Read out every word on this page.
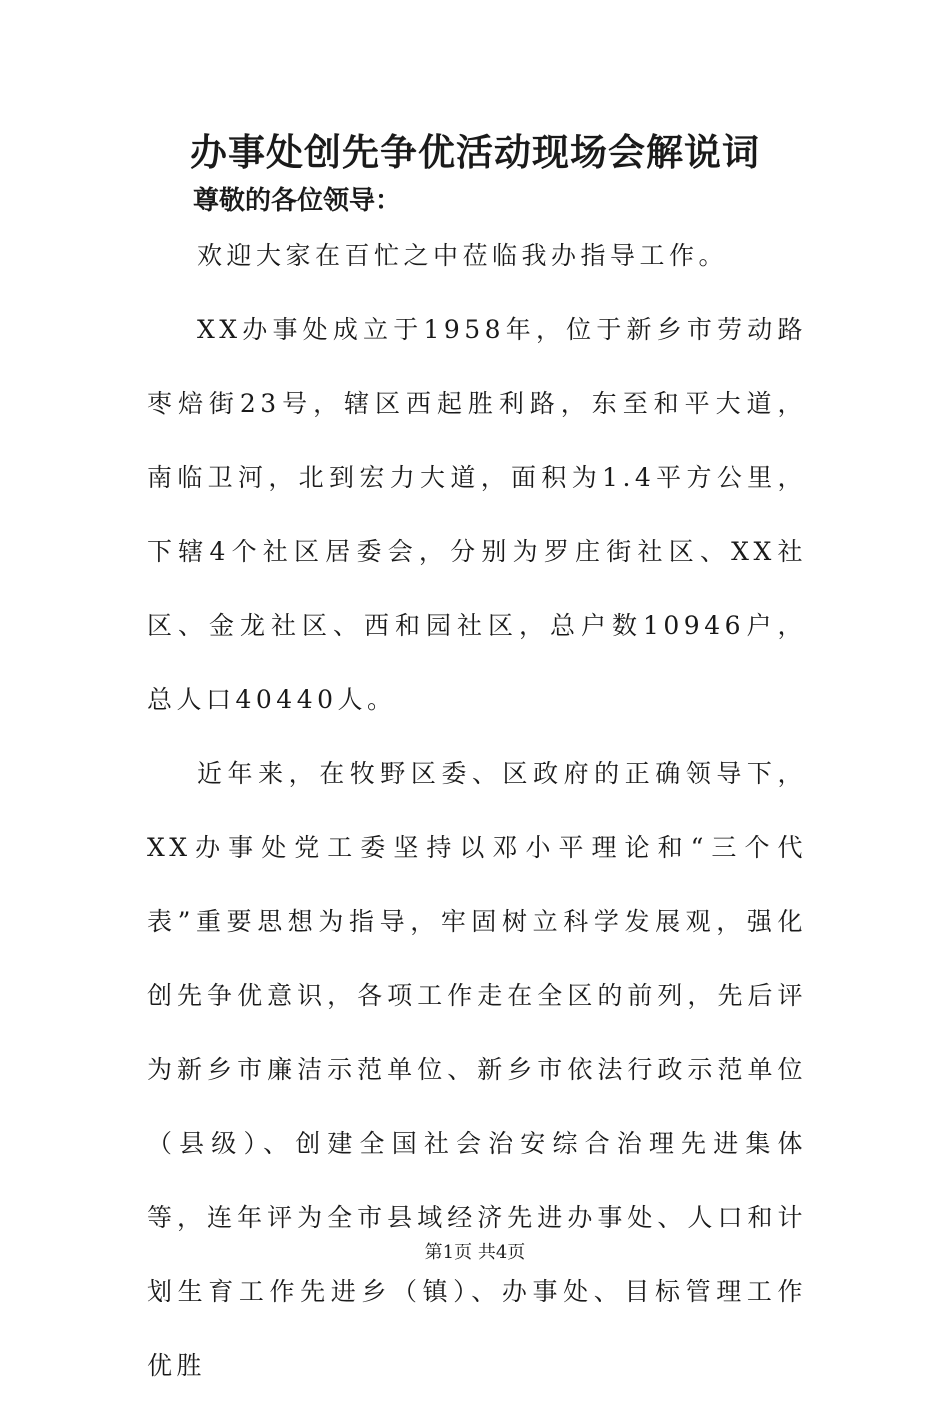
办事处创先争优活动现场会解说词
尊敬的各位领导：

欢迎大家在百忙之中莅临我办指导工作。

XX办事处成立于1958年，位于新乡市劳动路枣焙街23号，辖区西起胜利路，东至和平大道，南临卫河，北到宏力大道，面积为1.4平方公里，下辖4个社区居委会，分别为罗庄街社区、XX社区、金龙社区、西和园社区，总户数10946户，总人口40440人。

近年来，在牧野区委、区政府的正确领导下，XX办事处党工委坚持以邓小平理论和“三个代表”重要思想为指导，牢固树立科学发展观，强化创先争优意识，各项工作走在全区的前列，先后评为新乡市廉洁示范单位、新乡市依法行政示范单位（县级）、创建全国社会治安综合治理先进集体等，连年评为全市县域经济先进办事处、人口和计划生育工作先进乡（镇）、办事处、目标管理工作优胜

第1页 共4页
